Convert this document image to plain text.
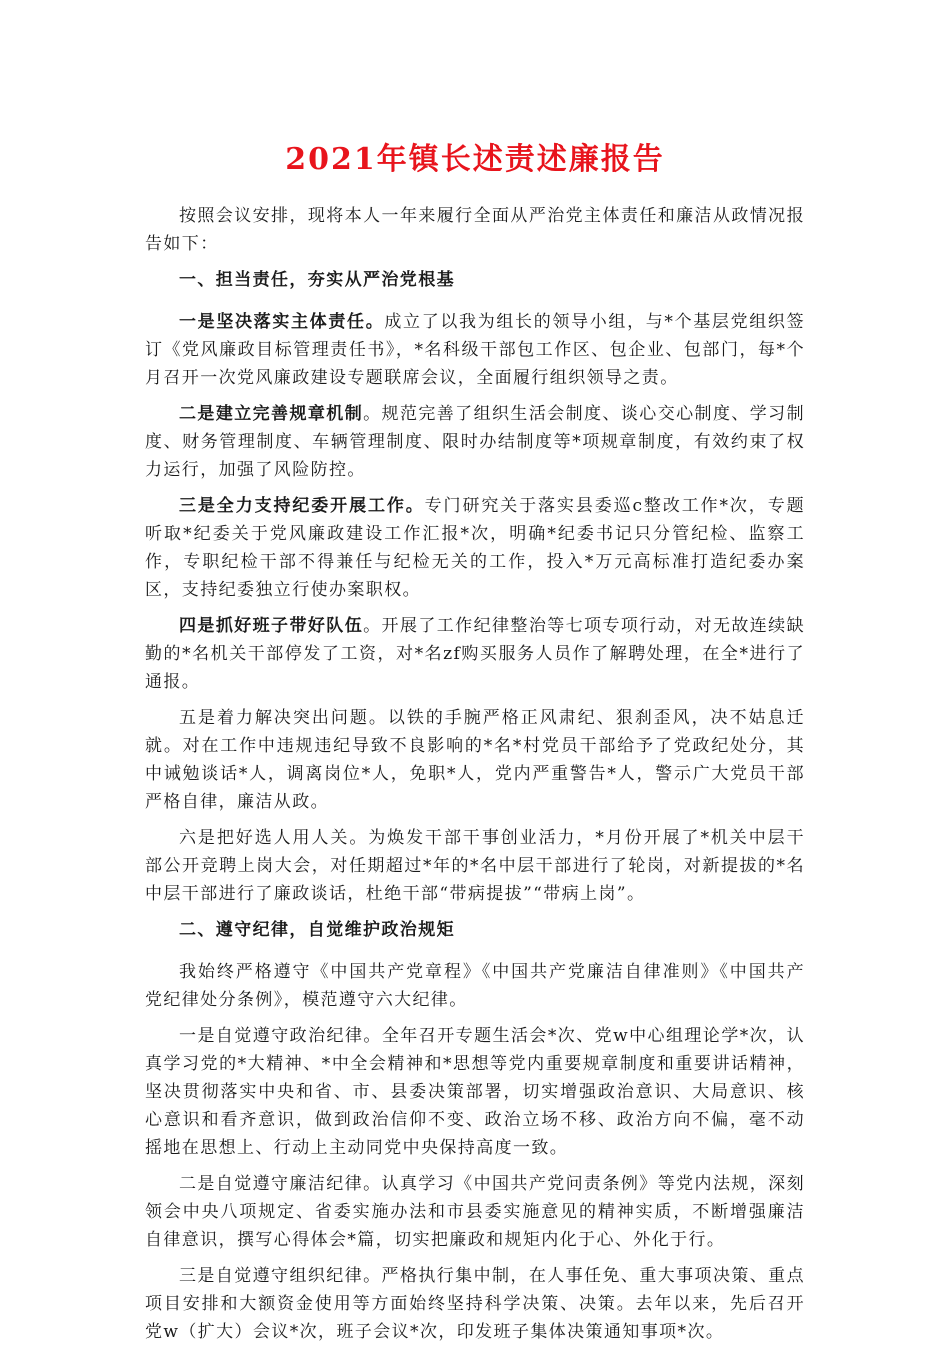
2021年镇长述责述廉报告
按照会议安排，现将本人一年来履行全面从严治党主体责任和廉洁从政情况报告如下：
一、担当责任，夯实从严治党根基
一是坚决落实主体责任。成立了以我为组长的领导小组，与*个基层党组织签订《党风廉政目标管理责任书》，*名科级干部包工作区、包企业、包部门，每*个月召开一次党风廉政建设专题联席会议，全面履行组织领导之责。
二是建立完善规章机制。规范完善了组织生活会制度、谈心交心制度、学习制度、财务管理制度、车辆管理制度、限时办结制度等*项规章制度，有效约束了权力运行，加强了风险防控。
三是全力支持纪委开展工作。专门研究关于落实县委巡c整改工作*次，专题听取*纪委关于党风廉政建设工作汇报*次，明确*纪委书记只分管纪检、监察工作，专职纪检干部不得兼任与纪检无关的工作，投入*万元高标准打造纪委办案区，支持纪委独立行使办案职权。
四是抓好班子带好队伍。开展了工作纪律整治等七项专项行动，对无故连续缺勤的*名机关干部停发了工资，对*名zf购买服务人员作了解聘处理，在全*进行了通报。
五是着力解决突出问题。以铁的手腕严格正风肃纪、狠刹歪风，决不姑息迁就。对在工作中违规违纪导致不良影响的*名*村党员干部给予了党政纪处分，其中诫勉谈话*人，调离岗位*人，免职*人，党内严重警告*人，警示广大党员干部严格自律，廉洁从政。
六是把好选人用人关。为焕发干部干事创业活力，*月份开展了*机关中层干部公开竞聘上岗大会，对任期超过*年的*名中层干部进行了轮岗，对新提拔的*名中层干部进行了廉政谈话，杜绝干部“带病提拔”“带病上岗”。
二、遵守纪律，自觉维护政治规矩
我始终严格遵守《中国共产党章程》《中国共产党廉洁自律准则》《中国共产党纪律处分条例》，模范遵守六大纪律。
一是自觉遵守政治纪律。全年召开专题生活会*次、党w中心组理论学*次，认真学习党的*大精神、*中全会精神和*思想等党内重要规章制度和重要讲话精神，坚决贯彻落实中央和省、市、县委决策部署，切实增强政治意识、大局意识、核心意识和看齐意识，做到政治信仰不变、政治立场不移、政治方向不偏，毫不动摇地在思想上、行动上主动同党中央保持高度一致。
二是自觉遵守廉洁纪律。认真学习《中国共产党问责条例》等党内法规，深刻领会中央八项规定、省委实施办法和市县委实施意见的精神实质，不断增强廉洁自律意识，撰写心得体会*篇，切实把廉政和规矩内化于心、外化于行。
三是自觉遵守组织纪律。严格执行集中制，在人事任免、重大事项决策、重点项目安排和大额资金使用等方面始终坚持科学决策、决策。去年以来，先后召开党w（扩大）会议*次，班子会议*次，印发班子集体决策通知事项*次。
